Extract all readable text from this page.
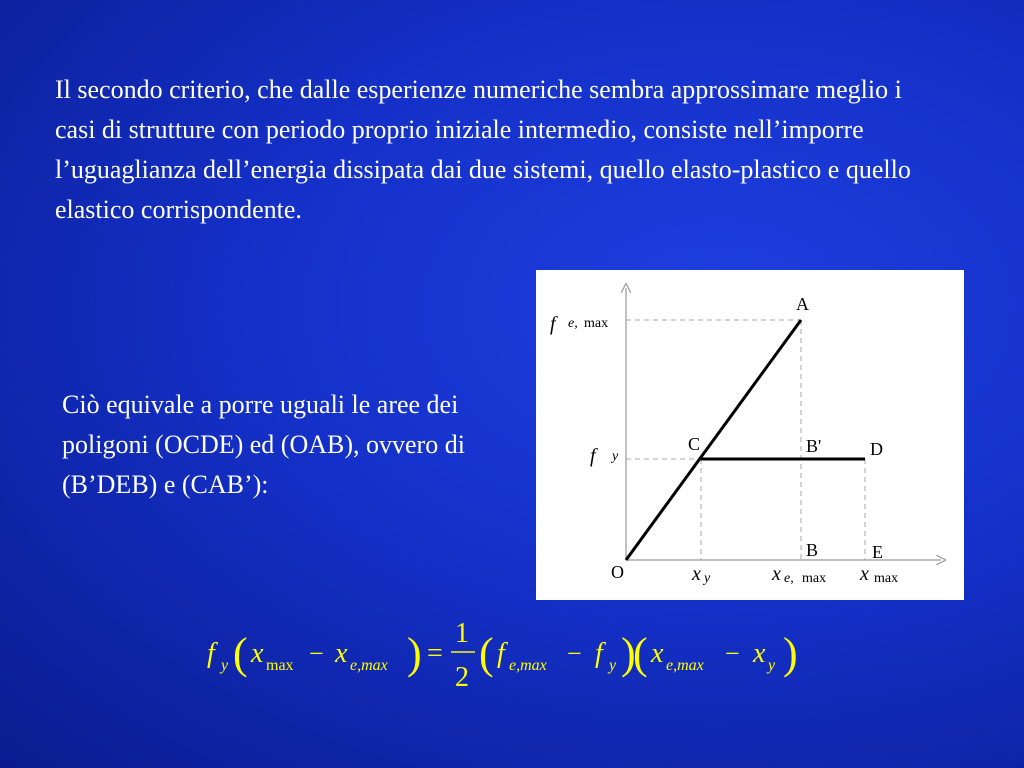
Il secondo criterio, che dalle esperienze numeriche sembra approssimare meglio i casi di strutture con periodo proprio iniziale intermedio, consiste nell’imporre l’uguaglianza dell’energia dissipata dai due sistemi, quello elasto-plastico e quello elastico corrispondente.
Ciò equivale a porre uguali le aree dei poligoni (OCDE) ed (OAB), ovvero di (B’DEB) e (CAB’):
A
C	B'	D
B	E
O
f e, max
f y
x y	x e, max x max
f y ( x max − x e,max ) =
1
2 ( f e,max − f y )
( x e,max − x y )
